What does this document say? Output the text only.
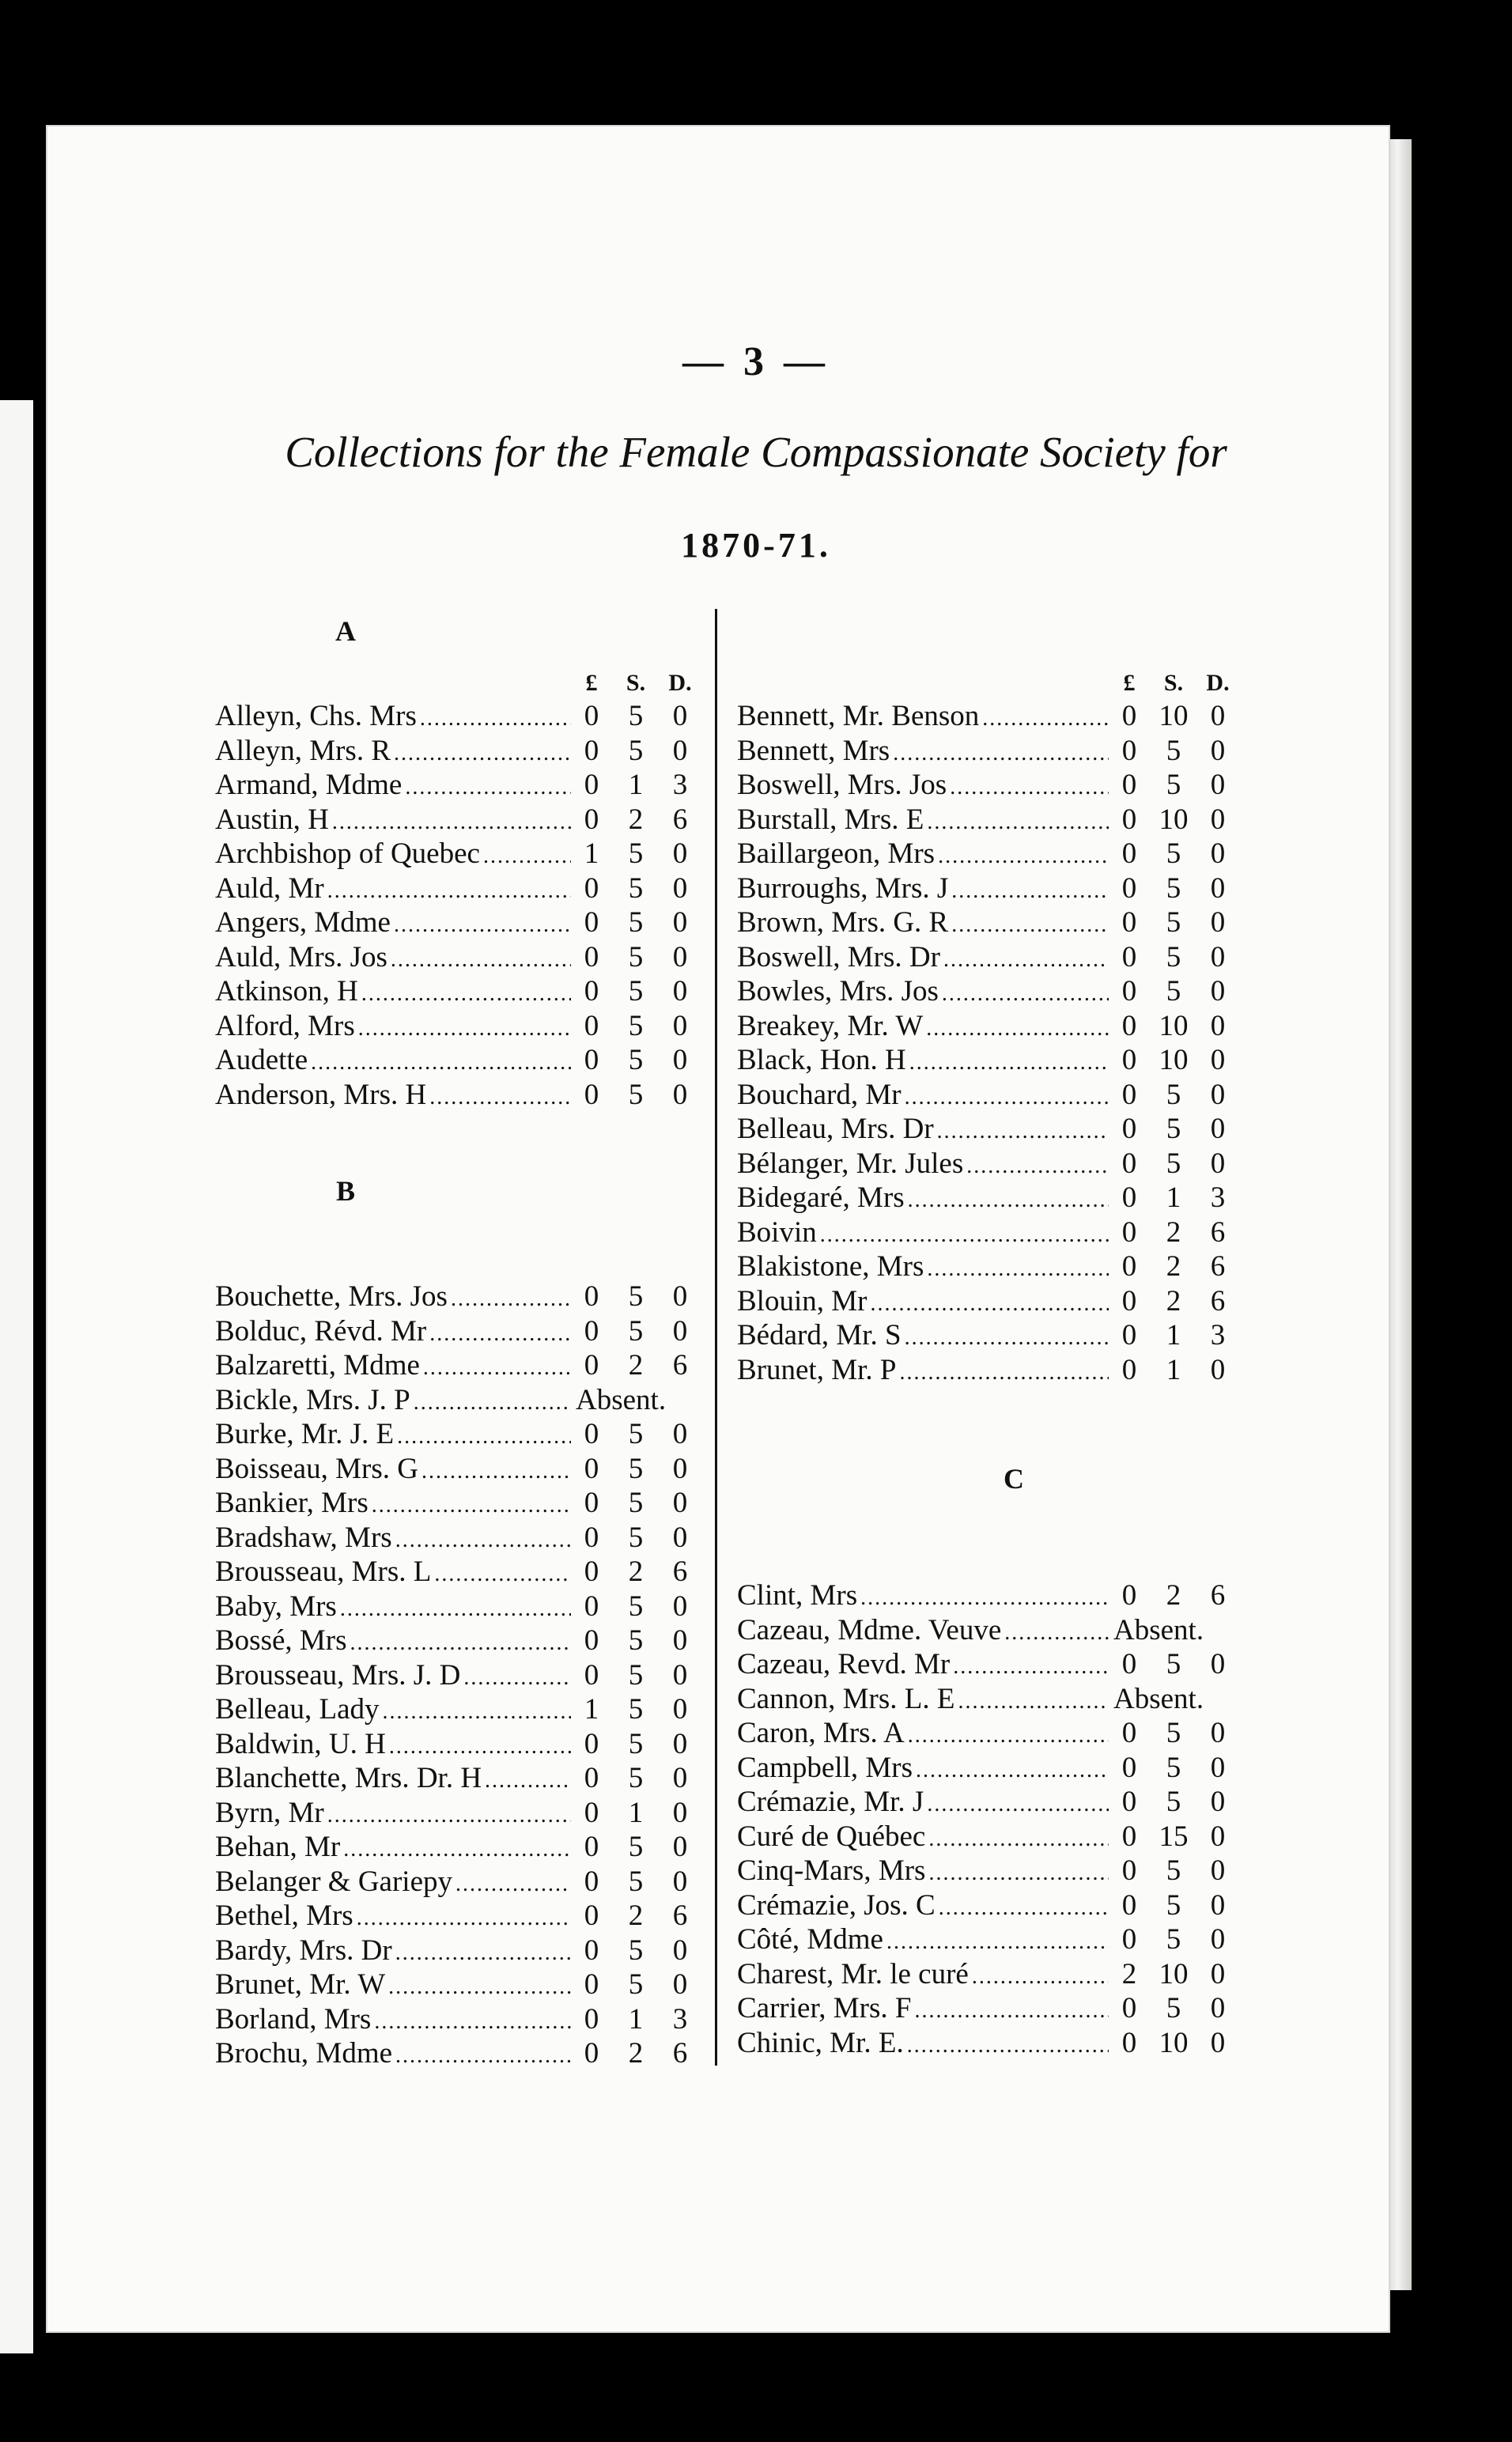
— 3 —
Collections for the Female Compassionate Society for
1870-71.
A
£	S. D.
Alleyn, Chs. Mrs .....	0	5	0
Alleyn, Mrs. R .....	0	5	0
Armand, Mdme .....	0	1	3
Austin, H .....	0	2	6
Archbishop of Quebec .....	1	5	0
Auld, Mr .....	0	5	0
Angers, Mdme .....	0	5	0
Auld, Mrs. Jos .....	0	5	0
Atkinson, H .....	0	5	0
Alford, Mrs .....	0	5	0
Audette .....	0	5	0
Anderson, Mrs. H .....	0	5	0
B
Bouchette, Mrs. Jos .....	0	5	0
Bolduc, Révd. Mr .....	0	5	0
Balzaretti, Mdme .....	0	2	6
Bickle, Mrs. J. P .....	Absent.
Burke, Mr. J. E .....	0	5	0
Boisseau, Mrs. G .....	0	5	0
Bankier, Mrs .....	0	5	0
Bradshaw, Mrs .....	0	5	0
Brousseau, Mrs. L .....	0	2	6
Baby, Mrs .....	0	5	0
Bossé, Mrs .....	0	5	0
Brousseau, Mrs. J. D .....	0	5	0
Belleau, Lady .....	1	5	0
Baldwin, U. H .....	0	5	0
Blanchette, Mrs. Dr. H .....	0	5	0
Byrn, Mr .....	0	1	0
Behan, Mr .....	0	5	0
Belanger & Gariepy .....	0	5	0
Bethel, Mrs .....	0	2	6
Bardy, Mrs. Dr .....	0	5	0
Brunet, Mr. W .....	0	5	0
Borland, Mrs .....	0	1	3
Brochu, Mdme .....	0	2	6
£	S. D.
Bennett, Mr. Benson .....	0 10 0
Bennett, Mrs .....	0	5	0
Boswell, Mrs. Jos .....	0	5	0
Burstall, Mrs. E .....	0 10 0
Baillargeon, Mrs .....	0	5	0
Burroughs, Mrs. J .....	0	5	0
Brown, Mrs. G. R .....	0	5	0
Boswell, Mrs. Dr .....	0	5	0
Bowles, Mrs. Jos .....	0	5	0
Breakey, Mr. W .....	0 10 0
Black, Hon. H .....	0 10 0
Bouchard, Mr .....	0	5	0
Belleau, Mrs. Dr .....	0	5	0
Bélanger, Mr. Jules .....	0	5	0
Bidegaré, Mrs .....	0	1	3
Boivin .....	0	2	6
Blakistone, Mrs .....	0	2	6
Blouin, Mr .....	0	2	6
Bédard, Mr. S .....	0	1	3
Brunet, Mr. P .....	0	1	0
C
Clint, Mrs .....	0	2	6
Cazeau, Mdme. Veuve .....	Absent.
Cazeau, Revd. Mr .....	0	5	0
Cannon, Mrs. L. E .....	Absent.
Caron, Mrs. A .....	0	5	0
Campbell, Mrs .....	0	5	0
Crémazie, Mr. J .....	0	5	0
Curé de Québec .....	0 15 0
Cinq-Mars, Mrs .....	0	5	0
Crémazie, Jos. C .....	0	5	0
Côté, Mdme .....	0	5	0
Charest, Mr. le curé .....	2 10 0
Carrier, Mrs. F .....	0	5	0
Chinic, Mr. E. .....	0 10 0
